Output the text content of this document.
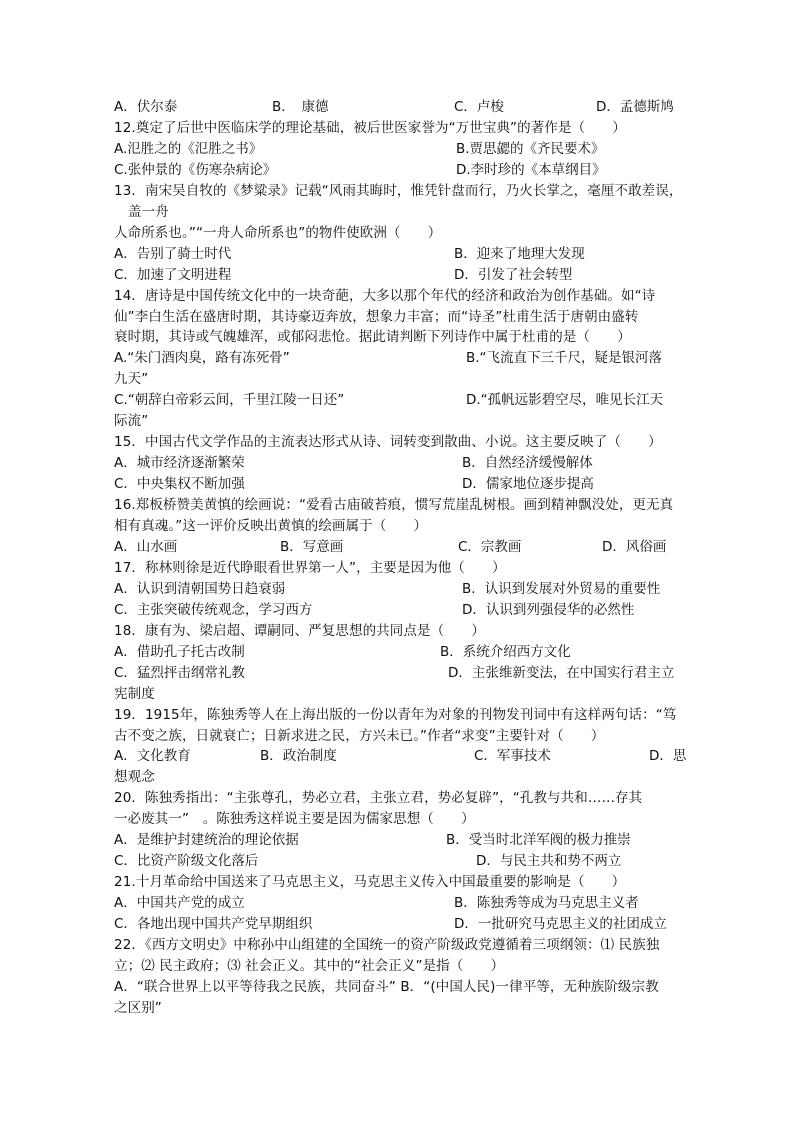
A．伏尔泰	B．　康德	C．卢梭	D．孟德斯鸠
12.奠定了后世中医临床学的理论基础，被后世医家誉为“万世宝典”的著作是（　　）
A.氾胜之的《氾胜之书》	B.贾思勰的《齐民要术》
C.张仲景的《伤寒杂病论》	D.李时珍的《本草纲目》
13．南宋吴自牧的《梦粱录》记载“风雨其晦时，惟凭针盘而行，乃火长掌之，毫厘不敢差误，
盖一舟
人命所系也。”“一舟人命所系也”的物件使欧洲（　　）
A．告别了骑士时代	B．迎来了地理大发现
C．加速了文明进程	D．引发了社会转型
14．唐诗是中国传统文化中的一块奇葩，大多以那个年代的经济和政治为创作基础。如“诗
仙”李白生活在盛唐时期，其诗豪迈奔放，想象力丰富；而“诗圣”杜甫生活于唐朝由盛转
衰时期，其诗或气魄雄浑，或郁闷悲怆。据此请判断下列诗作中属于杜甫的是（　　）
A.“朱门酒肉臭，路有冻死骨”	B.“飞流直下三千尺，疑是银河落
九天”
C.“朝辞白帝彩云间，千里江陵一日还”	D.“孤帆远影碧空尽，唯见长江天
际流”
15．中国古代文学作品的主流表达形式从诗、词转变到散曲、小说。这主要反映了（　　）
A．城市经济逐渐繁荣	B．自然经济缓慢解体
C．中央集权不断加强	D．儒家地位逐步提高
16.郑板桥赞美黄慎的绘画说：“爱看古庙破苔痕，惯写荒崖乱树根。画到精神飘没处，更无真
相有真魂。”这一评价反映出黄慎的绘画属于（　　）
A．山水画	B．写意画	C．宗教画	D．风俗画
17．称林则徐是近代睁眼看世界第一人”，主要是因为他（　　）
A．认识到清朝国势日趋衰弱	B．认识到发展对外贸易的重要性
C．主张突破传统观念，学习西方	D．认识到列强侵华的必然性
18．康有为、梁启超、谭嗣同、严复思想的共同点是（　　）
A．借助孔子托古改制	B．系统介绍西方文化
C．猛烈抨击纲常礼教	D．主张维新变法，在中国实行君主立
宪制度
19．1915年，陈独秀等人在上海出版的一份以青年为对象的刊物发刊词中有这样两句话：“笃
古不变之族，日就衰亡；日新求进之民，方兴未已。”作者“求变”主要针对（　　）
A．文化教育	B．政治制度	C．军事技术	D．思
想观念
20．陈独秀指出：“主张尊孔，势必立君，主张立君，势必复辟”，“孔教与共和……存其
一必废其一”　。陈独秀这样说主要是因为儒家思想（　　）
A．是维护封建统治的理论依据	B．受当时北洋军阀的极力推崇
C．比资产阶级文化落后	D．与民主共和势不两立
21.十月革命给中国送来了马克思主义，马克思主义传入中国最重要的影响是（　　）
A．中国共产党的成立	B．陈独秀等成为马克思主义者
C．各地出现中国共产党早期组织	D．一批研究马克思主义的社团成立
22．《西方文明史》中称孙中山组建的全国统一的资产阶级政党遵循着三项纲领：⑴ 民族独
立；⑵ 民主政府；⑶ 社会正义。其中的“社会正义”是指（　　）
A．“联合世界上以平等待我之民族，共同奋斗” B．“(中国人民)一律平等，无种族阶级宗教
之区别”
